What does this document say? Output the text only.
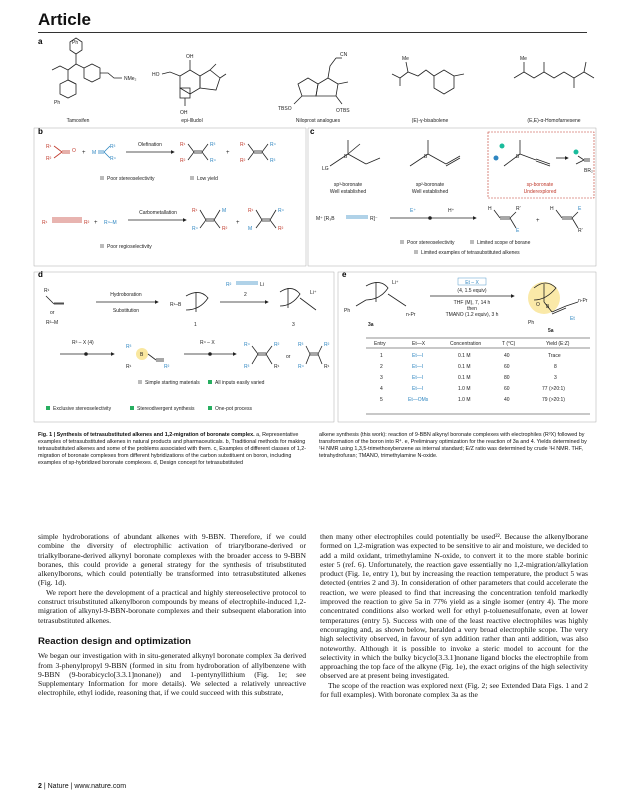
Article
a
b	c
d	e
NMe₂
Ph
Ph
HO
OH
OH
CN
TBSO	OTBS
Me	Me
Tamoxifen	epi-Illudol	Niloprost analogues	(E)-γ-bisabolene	(E,E)-α-Homofarnesene
R¹
O
R²
+ M
R³
R⁴
Olefination	R¹	R³
R²	R⁴
+
R¹	R⁴
R²	R³
Poor stereoselectivity	Low yield
R¹	R² + R⁴–M
Carbometallation	R¹	M
R⁴	R²
+
R¹	R⁴
M	R²
Poor regioselectivity
LG
B
sp³-boronate
Well established
B
sp²-boronate
Well established
B
BR₂
sp-boronate
Underexplored
M⁺ [R₃B	R]⁻
E⁺	H⁺	H	R′
E
+
H	E
R′
Poor stereoselectivity	Limited scope of borane
Limited examples of tetrasubstituted alkenes
R¹
or
R²–M
Hydroboration
Substitution
R¹–B
1
R²	Li
2	Li⁺
3
R³ – X (4)
B
R³
R¹	R²
R⁴ – X	R⁴	R²
R³	R¹
or
R³	R²
R⁴	R¹
Simple starting materials	All inputs easily varied
Exclusive stereoselectivity	Stereodivergent synthesis	One-pot process
Ph
Li⁺
n-Pr
3a
Et – X
(4, 1.5 equiv)
THF (M), 7, 14 h
then
TMANO (1.2 equiv), 3 h
O B
n-Pr
Et
Ph
5a
Entry	Et—X	Concentration	T (°C)	Yield (E:Z)
1	Et—I	0.1 M	40	Trace
2	Et—I	0.1 M	60	8
3	Et—I	0.1 M	80	3
4	Et—I	1.0 M	60	77 (>20:1)
5	Et—OMs	1.0 M	40	79 (>20:1)
Fig. 1 | Synthesis of tetrasubstituted alkenes and 1,2-migration of boronate complex. a, Representative examples of tetrasubstituted alkenes in natural products and pharmaceuticals. b, Traditional methods for making tetrasubstituted alkenes and some of the problems associated with them. c, Examples of different classes of 1,2-migration of boronate complexes from different hybridizations of the carbon substituent on boron, including examples of sp-hybridized boronate complexes. d, Design concept for tetrasubstituted
alkene synthesis (this work): reaction of 9-BBN alkynyl boronate complexes with electrophiles (R³X) followed by transformation of the boron into R⁴. e, Preliminary optimization for the reaction of 3a and 4. Yields determined by ¹H NMR using 1,3,5-trimethoxybenzene as internal standard; E/Z ratio was determined by crude ¹H NMR. THF, tetrahydrofuran; TMANO, trimethylamine N-oxide.

simple hydroborations of abundant alkenes with 9-BBN. Therefore, if we could combine the diversity of electrophilic activation of triarylborane-derived or trialkylborane-derived alkynyl boronate complexes with the broader access to 9-BBN boranes, this could provide a general strategy for the synthesis of trisubstituted alkenylborons, which could potentially be transformed into tetrasubstituted alkenes (Fig. 1d).

We report here the development of a practical and highly stereoselective protocol to construct trisubstituted alkenylboron compounds by means of electrophile-induced 1,2-migration of alkynyl-9-BBN-boronate complexes and their subsequent elaboration into tetrasubstituted alkenes.

Reaction design and optimization

We began our investigation with in situ-generated alkynyl boronate complex 3a derived from 3-phenylpropyl 9-BBN (formed in situ from hydroboration of allylbenzene with 9-BBN (9-borabicyclo[3.3.1]nonane)) and 1-pentynyllithium (Fig. 1e; see Supplementary Information for more details). We selected a relatively unreactive electrophile, ethyl iodide, reasoning that, if we could succeed with this substrate,

then many other electrophiles could potentially be used²². Because the alkenylborane formed on 1,2-migration was expected to be sensitive to air and moisture, we decided to add a mild oxidant, trimethylamine N-oxide, to convert it to the more stable borinic ester 5 (ref. 6). Unfortunately, the reaction gave essentially no 1,2-migration/alkylation product (Fig. 1e, entry 1), but by increasing the reaction temperature, the product 5 was detected (entries 2 and 3). In consideration of other parameters that could accelerate the reaction, we were pleased to find that increasing the concentration tenfold markedly improved the reaction to give 5a in 77% yield as a single isomer (entry 4). The more concentrated conditions also worked well for ethyl p-toluenesulfonate, even at lower temperatures (entry 5). Success with one of the least reactive electrophiles was highly encouraging and, as shown below, heralded a very broad electrophile scope. The very high selectivity observed, in favour of syn addition rather than anti addition, was also noteworthy. Although it is possible to invoke a steric model to account for the selectivity in which the bulky bicyclo[3.3.1]nonane ligand blocks the electrophile from approaching the top face of the alkyne (Fig. 1e), the exact origins of the high selectivity observed are at present being investigated.

The scope of the reaction was explored next (Fig. 2; see Extended Data Figs. 1 and 2 for full examples). With boronate complex 3a as the

2 | Nature | www.nature.com
